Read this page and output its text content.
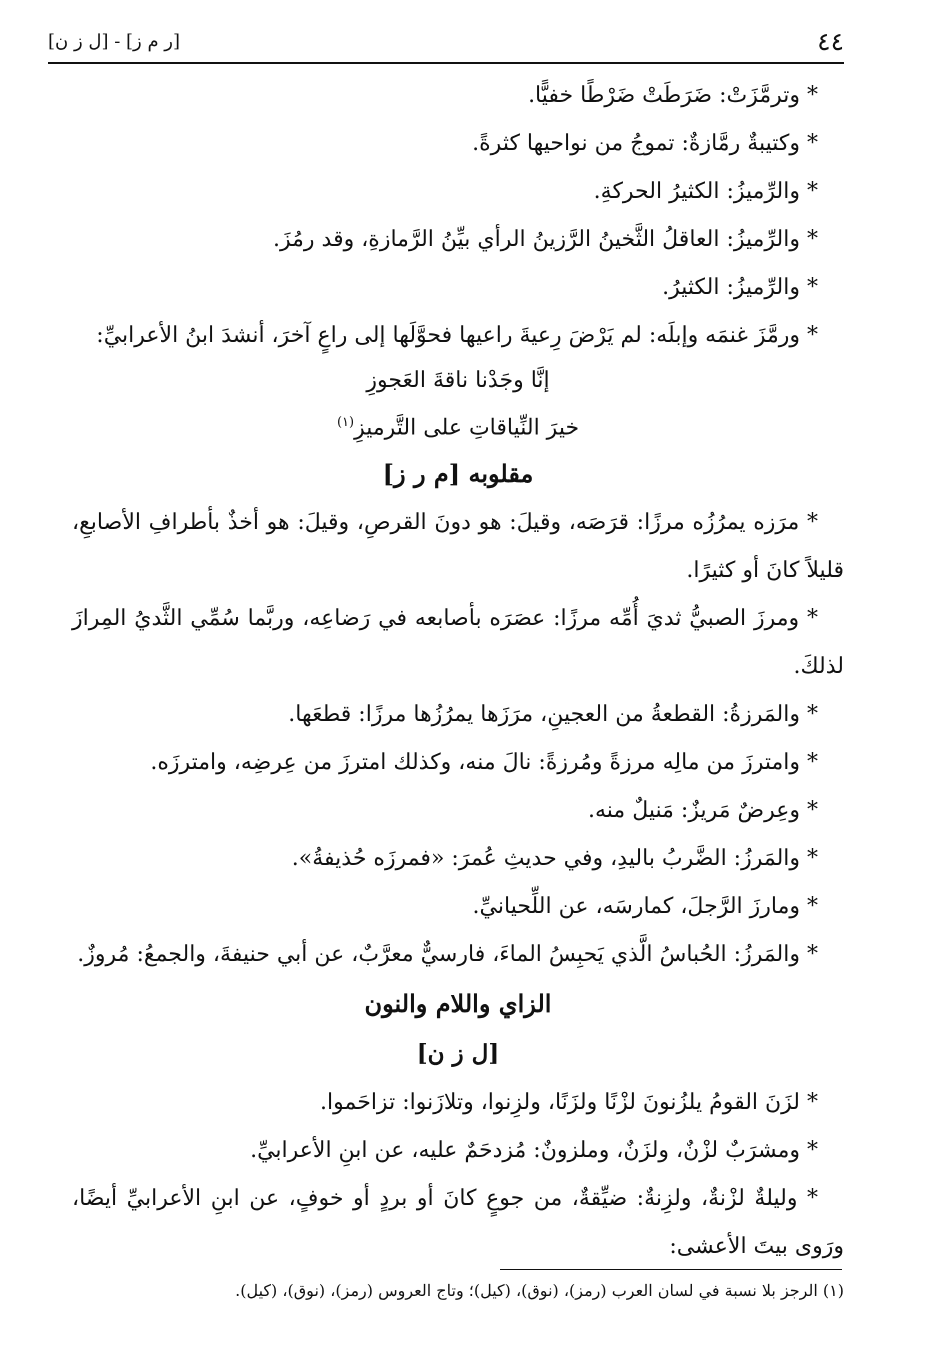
٤٤
[ر م ز] - [ل ز ن]

* وترمَّزَتْ: ضَرَطَتْ ضَرْطًا خفيًّا.

* وكتيبةٌ رمَّازةٌ: تموجُ من نواحيها كثرةً.

* والرِّميزُ: الكثيرُ الحركةِ.

* والرِّميزُ: العاقلُ الثَّخينُ الرَّزينُ الرأي بيِّنُ الرَّمازةِ، وقد رمُزَ.

* والرِّميزُ: الكثيرُ.

* ورمَّزَ غنمَه وإبلَه: لم يَرْضَ رِعيةَ راعيها فحوَّلَها إلى راعٍ آخرَ، أنشدَ ابنُ الأعرابيِّ:

إنَّا وجَدْنا ناقةَ العَجوزِ

خيرَ النِّياقاتِ على التَّرميزِ$^{(١)}$

مقلوبه [م ر ز]

* مرَزه يمرُزُه مرزًا: قرَصَه، وقيلَ: هو دونَ القرصِ، وقيلَ: هو أخذٌ بأطرافِ الأصابعِ، قليلاً كانَ أو كثيرًا.

* ومرزَ الصبيُّ ثديَ أُمِّه مرزًا: عصَرَه بأصابعه في رَضاعِه، وربَّما سُمِّي الثَّديُ المِرازَ لذلكَ.

* والمَرزةُ: القطعةُ من العجينِ، مرَزَها يمرُزُها مرزًا: قطعَها.

* وامترزَ من مالِه مرزةً ومُرزةً: نالَ منه، وكذلك امترزَ من عِرضِه، وامترزَه.

* وعِرضٌ مَريزٌ: مَنيلٌ منه.

* والمَرزُ: الضَّربُ باليدِ، وفي حديثِ عُمرَ: «فمرزَه حُذيفةُ».

* ومارزَ الرَّجلَ، كمارسَه، عن اللِّحيانيِّ.

* والمَرزُ: الحُباسُ الَّذي يَحبِسُ الماءَ، فارسيٌّ معرَّبٌ، عن أبي حنيفةَ، والجمعُ: مُروزٌ.

الزاي واللام والنون

[ل ز ن]

* لزَنَ القومُ يلزُنونَ لزْنًا ولزَنًا، ولزِنوا، وتلازَنوا: تزاحَموا.

* ومشرَبٌ لزْنٌ، ولزَنٌ، وملزونٌ: مُزدحَمٌ عليه، عن ابنِ الأعرابيِّ.

* وليلةٌ لزْنةٌ، ولزِنةٌ: ضيِّقةٌ، من جوعٍ كانَ أو بردٍ أو خوفٍ، عن ابنِ الأعرابيِّ أيضًا، ورَوى بيتَ الأعشى:

(١) الرجز بلا نسبة في لسان العرب (رمز)، (نوق)، (كيل)؛ وتاج العروس (رمز)، (نوق)، (كيل).
